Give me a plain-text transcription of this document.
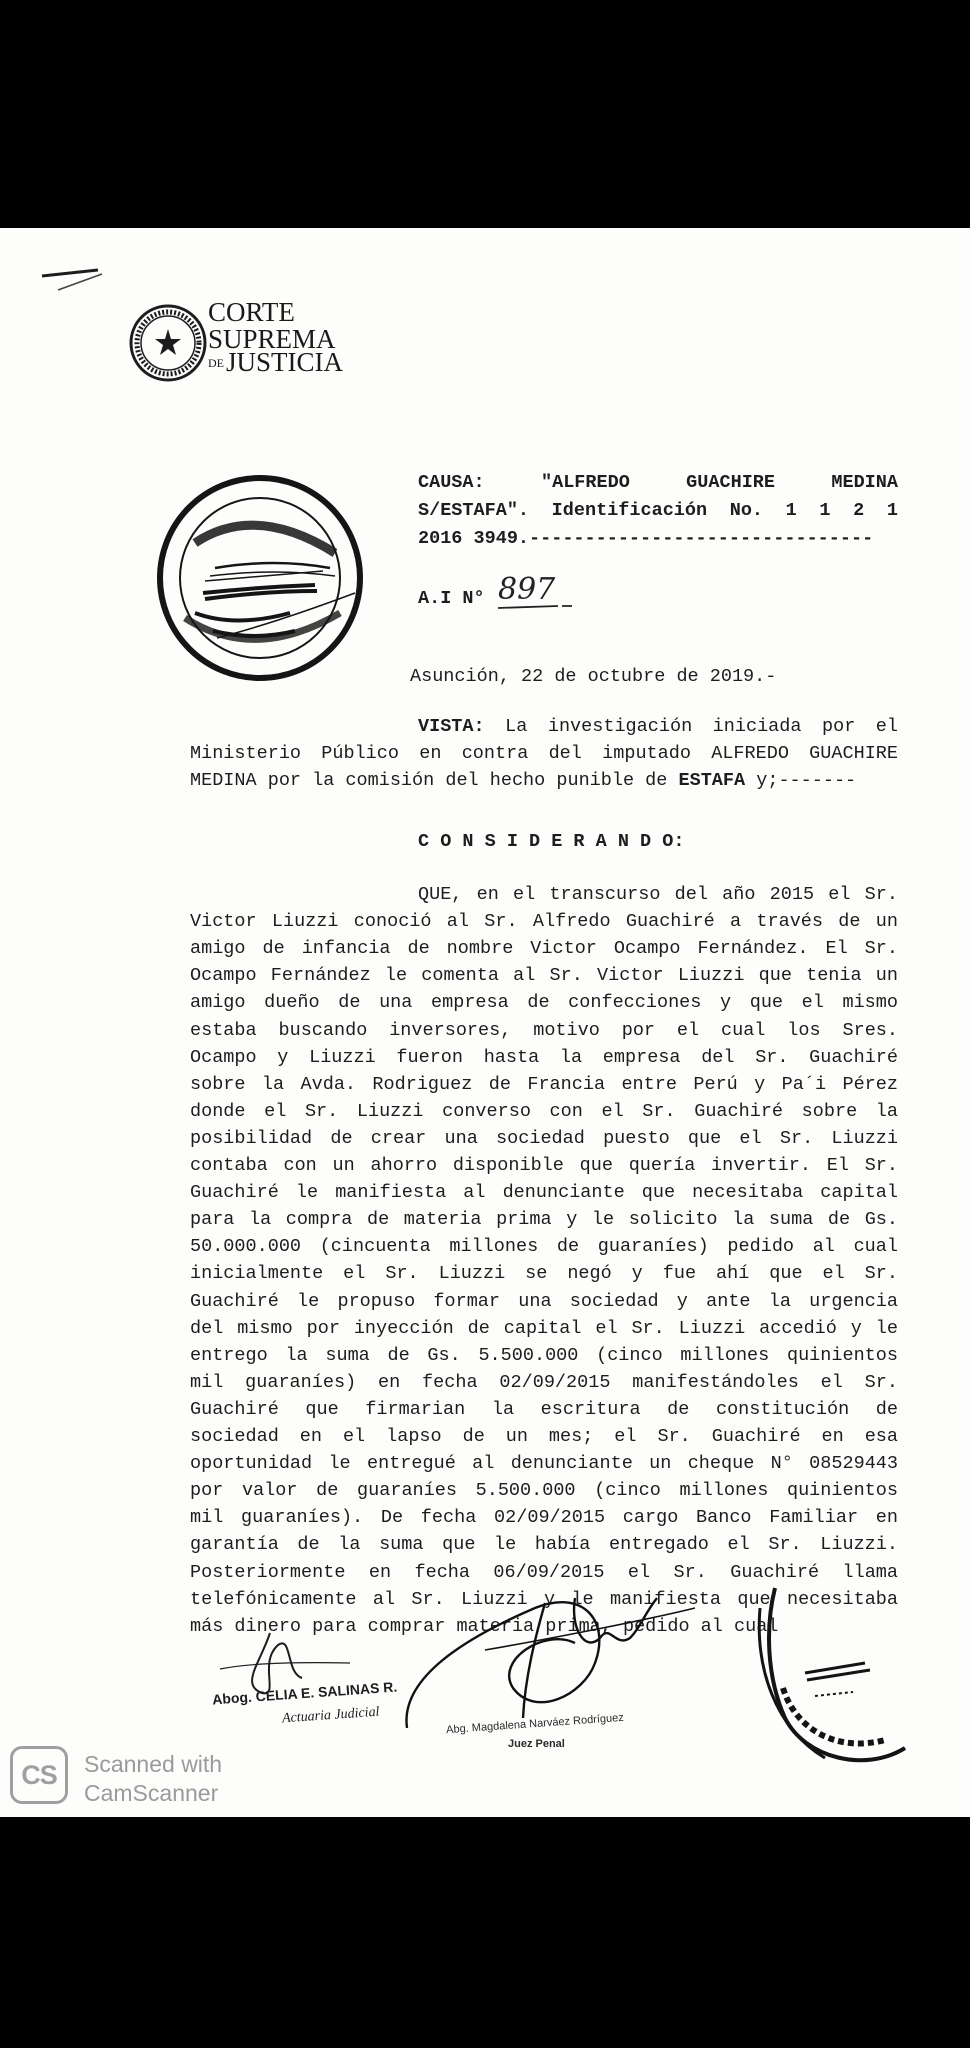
CORTE
SUPREMA
DE JUSTICIA
CAUSA:	"ALFREDO GUACHIRE MEDINA
S/ESTAFA". Identificación No. 1 1 2 1
2016 3949.-------------------------------
A.I N° 897
Asunción, 22 de octubre de 2019.-
VISTA: La investigación iniciada por el
Ministerio Público en contra del imputado ALFREDO GUACHIRE
MEDINA por la comisión del hecho punible de ESTAFA y;-------
C O N S I D E R A N D O:
QUE, en el transcurso del año 2015 el Sr.
Victor Liuzzi conoció al Sr. Alfredo Guachiré a través de un
amigo de infancia de nombre Victor Ocampo Fernández. El Sr.
Ocampo Fernández le comenta al Sr. Victor Liuzzi que tenia un
amigo dueño de una empresa de confecciones y que el mismo
estaba buscando inversores, motivo por el cual los Sres.
Ocampo y Liuzzi fueron hasta la empresa del Sr. Guachiré
sobre la Avda. Rodriguez de Francia entre Perú y Pa´i Pérez
donde el Sr. Liuzzi converso con el Sr. Guachiré sobre la
posibilidad de crear una sociedad puesto que el Sr. Liuzzi
contaba con un ahorro disponible que quería invertir. El Sr.
Guachiré le manifiesta al denunciante que necesitaba capital
para la compra de materia prima y le solicito la suma de Gs.
50.000.000 (cincuenta millones de guaraníes) pedido al cual
inicialmente el Sr. Liuzzi se negó y fue ahí que el Sr.
Guachiré le propuso formar una sociedad y ante la urgencia
del mismo por inyección de capital el Sr. Liuzzi accedió y le
entrego la suma de Gs. 5.500.000 (cinco millones quinientos
mil guaraníes) en fecha 02/09/2015 manifestándoles el Sr.
Guachiré que firmarian la escritura de constitución de
sociedad en el lapso de un mes; el Sr. Guachiré en esa
oportunidad le entregué al denunciante un cheque N° 08529443
por valor de guaraníes 5.500.000 (cinco millones quinientos
mil guaraníes). De fecha 02/09/2015 cargo Banco Familiar en
garantía de la suma que le había entregado el Sr. Liuzzi.
Posteriormente en fecha 06/09/2015 el Sr. Guachiré llama
telefónicamente al Sr. Liuzzi y le manifiesta que necesitaba
más dinero para comprar materia prima, pedido al cual
Abog. CELIA E. SALINAS R.
Actuaria Judicial	Abg. Magdalena Narváez Rodríguez
Juez Penal
CS Scanned with
CamScanner
